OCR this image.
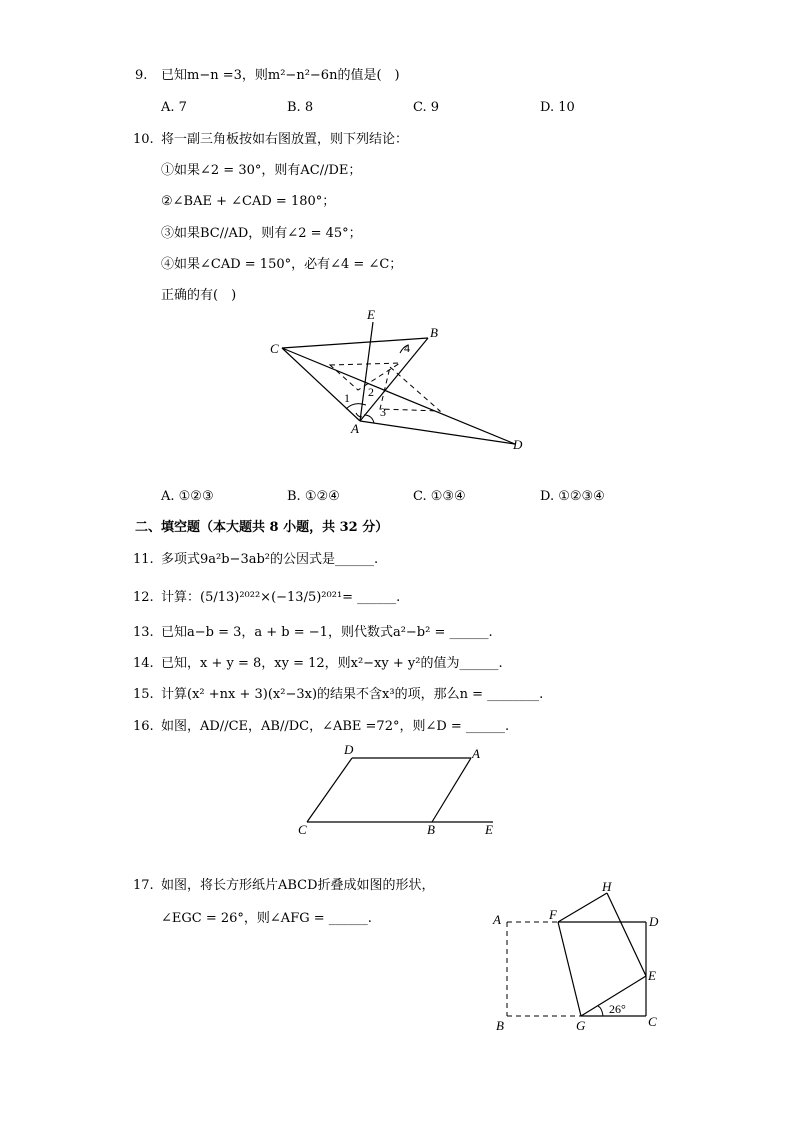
9. 已知m−n =3，则m²−n²−6n的值是(　)
A. 7	B. 8	C. 9	D. 10
10. 将一副三角板按如右图放置，则下列结论：
①如果∠2 = 30°，则有AC//DE；
②∠BAE + ∠CAD = 180°；
③如果BC//AD，则有∠2 = 45°；
④如果∠CAD = 150°，必有∠4 = ∠C；
正确的有(　)
E
B
C
A
D
4
1 2
3
A. ①②③	B. ①②④	C. ①③④	D. ①②③④
二、填空题（本大题共 8 小题，共 32 分）
11. 多项式9a²b−3ab²的公因式是______.
12. 计算：(5/13)²⁰²²×(−13/5)²⁰²¹= ______.
13. 已知a−b = 3，a + b = −1，则代数式a²−b² = ______.
14. 已知，x + y = 8，xy = 12，则x²−xy + y²的值为______.
15. 计算(x² +nx + 3)(x²−3x)的结果不含x³的项，那么n = ________.
16. 如图，AD//CE，AB//DC，∠ABE =72°，则∠D = ______.
D	A
C	B	E
17. 如图，将长方形纸片ABCD折叠成如图的形状，
∠EGC = 26°，则∠AFG = ______.
H
A	F	D
E
B	G	C
26°
